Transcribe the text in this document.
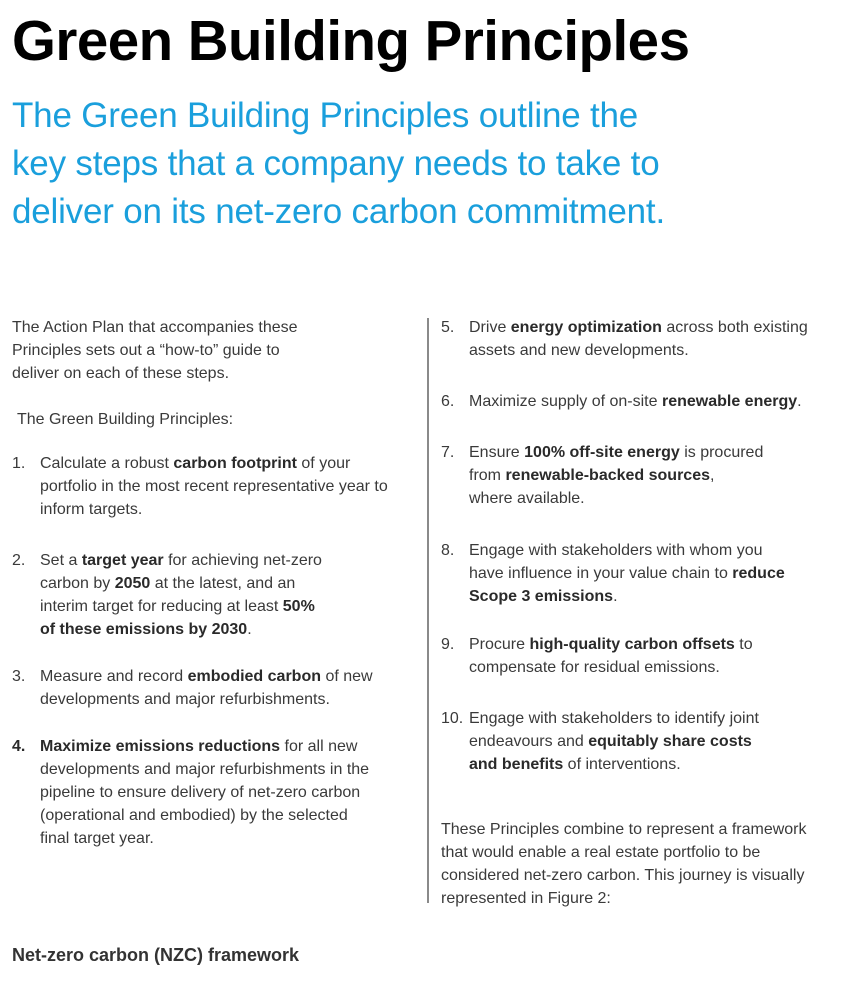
Green Building Principles

The Green Building Principles outline the
key steps that a company needs to take to
deliver on its net-zero carbon commitment.

The Action Plan that accompanies these
Principles sets out a “how-to” guide to
deliver on each of these steps.

The Green Building Principles:

1. Calculate a robust carbon footprint of your
portfolio in the most recent representative year to
inform targets.

2. Set a target year for achieving net-zero
carbon by 2050 at the latest, and an
interim target for reducing at least 50%
of these emissions by 2030.

3. Measure and record embodied carbon of new
developments and major refurbishments.

4. Maximize emissions reductions for all new
developments and major refurbishments in the
pipeline to ensure delivery of net-zero carbon
(operational and embodied) by the selected
final target year.

5. Drive energy optimization across both existing
assets and new developments.

6. Maximize supply of on-site renewable energy.

7. Ensure 100% off-site energy is procured
from renewable-backed sources,
where available.

8. Engage with stakeholders with whom you
have influence in your value chain to reduce
Scope 3 emissions.

9. Procure high-quality carbon offsets to
compensate for residual emissions.

10. Engage with stakeholders to identify joint
endeavours and equitably share costs
and benefits of interventions.

These Principles combine to represent a framework
that would enable a real estate portfolio to be
considered net-zero carbon. This journey is visually
represented in Figure 2:

Net-zero carbon (NZC) framework
